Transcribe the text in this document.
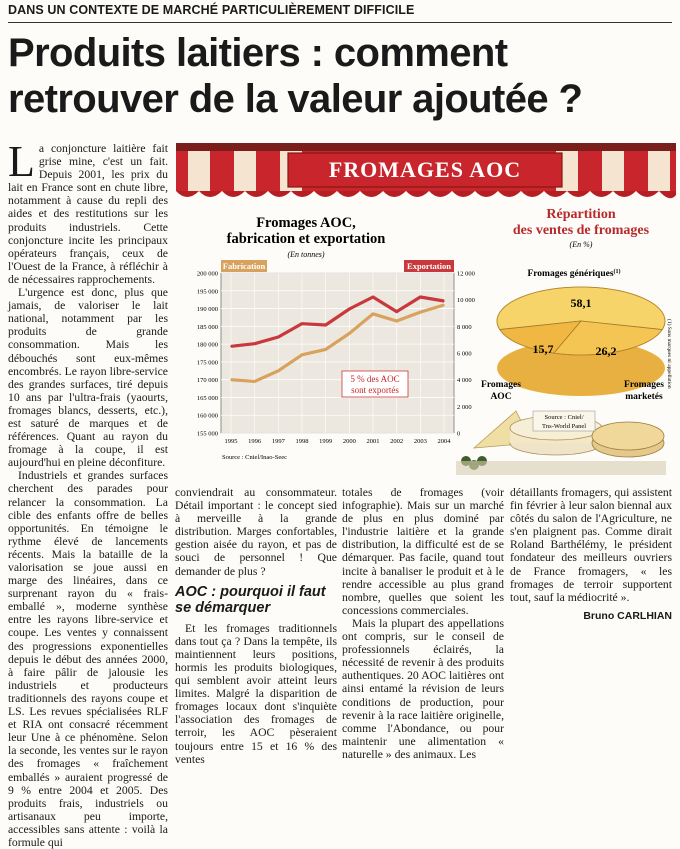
DANS UN CONTEXTE DE MARCHÉ PARTICULIÈREMENT DIFFICILE
Produits laitiers : comment
retrouver de la valeur ajoutée ?

La conjoncture laitière fait grise mine, c'est un fait. Depuis 2001, les prix du lait en France sont en chute libre, notamment à cause du repli des aides et des restitutions sur les produits industriels. Cette conjoncture incite les principaux opérateurs français, ceux de l'Ouest de la France, à réfléchir à de nécessaires rapprochements.

L'urgence est donc, plus que jamais, de valoriser le lait national, notamment par les produits de grande consommation. Mais les débouchés sont eux-mêmes encombrés. Le rayon libre-service des grandes surfaces, tiré depuis 10 ans par l'ultra-frais (yaourts, fromages blancs, desserts, etc.), est saturé de marques et de références. Quant au rayon du fromage à la coupe, il est aujourd'hui en pleine déconfiture.

Industriels et grandes surfaces cherchent des parades pour relancer la consommation. La cible des enfants offre de belles opportunités. En témoigne le rythme élevé de lancements récents. Mais la bataille de la valorisation se joue aussi en marge des linéaires, dans ce surprenant rayon du « frais-emballé », moderne synthèse entre les rayons libre-service et coupe. Les ventes y connaissent des progressions exponentielles depuis le début des années 2000, à faire pâlir de jalousie les industriels et producteurs traditionnels des rayons coupe et LS. Les revues spécialisées RLF et RIA ont consacré récemment leur Une à ce phénomène. Selon la seconde, les ventes sur le rayon des fromages « fraîchement emballés » auraient progressé de 9 % entre 2004 et 2005. Des produits frais, industriels ou artisanaux peu importe, accessibles sans attente : voilà la formule qui

FROMAGES AOC
Fromages AOC,
fabrication et exportation
(En tonnes)
Fabrication	Exportation
200 000
195 000
190 000
185 000
180 000
175 000
170 000
165 000
160 000
155 000
12 000
10 000
8 000
6 000
4 000
2 000
0
1995 1996 1997 1998 1999 2000 2001 2002 2003 2004
5 % des AOC
sont exportés
Source : Cniel/Inao-Seec
Répartition
des ventes de fromages
(En %)
Fromages génériques$^{(1)}$
58,1
15,7	26,2
Fromages
AOC
Fromages
marketés
(1) Sans marques ni appellation
Source : Cniel/
Tns-World Panel

conviendrait au consommateur. Détail important : le concept sied à merveille à la grande distribution. Marges confortables, gestion aisée du rayon, et pas de souci de personnel ! Que demander de plus ?

AOC : pourquoi il faut se démarquer

Et les fromages traditionnels dans tout ça ? Dans la tempête, ils maintiennent leurs positions, hormis les produits biologiques, qui semblent avoir atteint leurs limites. Malgré la disparition de fromages locaux dont s'inquiète l'association des fromages de terroir, les AOC pèseraient toujours entre 15 et 16 % des ventes

totales de fromages (voir infographie). Mais sur un marché de plus en plus dominé par l'industrie laitière et la grande distribution, la difficulté est de se démarquer. Pas facile, quand tout incite à banaliser le produit et à le rendre accessible au plus grand nombre, quelles que soient les concessions commerciales.

Mais la plupart des appellations ont compris, sur le conseil de professionnels éclairés, la nécessité de revenir à des produits authentiques. 20 AOC laitières ont ainsi entamé la révision de leurs conditions de production, pour revenir à la race laitière originelle, comme l'Abondance, ou pour maintenir une alimentation « naturelle » des animaux. Les

détaillants fromagers, qui assistent fin février à leur salon biennal aux côtés du salon de l'Agriculture, ne s'en plaignent pas. Comme dirait Roland Barthélémy, le président fondateur des meilleurs ouvriers de France fromagers, « les fromages de terroir supportent tout, sauf la médiocrité ».

Bruno CARLHIAN
